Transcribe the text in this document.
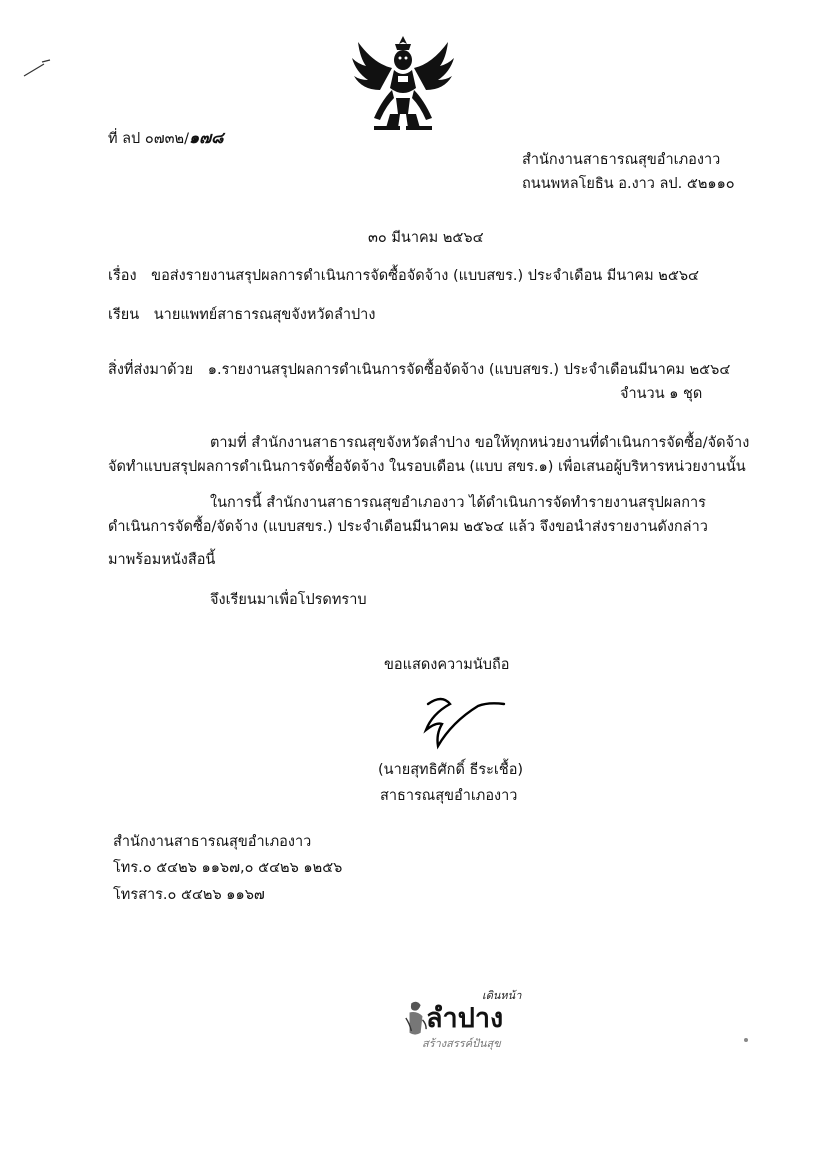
ที่ ลป ๐๗๓๒/๑๗๘
สำนักงานสาธารณสุขอำเภองาว
ถนนพหลโยธิน อ.งาว ลป. ๕๒๑๑๐
๓๐ มีนาคม ๒๕๖๔
เรื่อง ขอส่งรายงานสรุปผลการดำเนินการจัดซื้อจัดจ้าง (แบบสขร.) ประจำเดือน มีนาคม ๒๕๖๔
เรียน นายแพทย์สาธารณสุขจังหวัดลำปาง
สิ่งที่ส่งมาด้วย ๑.รายงานสรุปผลการดำเนินการจัดซื้อจัดจ้าง (แบบสขร.) ประจำเดือนมีนาคม ๒๕๖๔
จำนวน ๑ ชุด
ตามที่ สำนักงานสาธารณสุขจังหวัดลำปาง ขอให้ทุกหน่วยงานที่ดำเนินการจัดซื้อ/จัดจ้าง
จัดทำแบบสรุปผลการดำเนินการจัดซื้อจัดจ้าง ในรอบเดือน (แบบ สขร.๑) เพื่อเสนอผู้บริหารหน่วยงานนั้น
ในการนี้ สำนักงานสาธารณสุขอำเภองาว ได้ดำเนินการจัดทำรายงานสรุปผลการ
ดำเนินการจัดซื้อ/จัดจ้าง (แบบสขร.) ประจำเดือนมีนาคม ๒๕๖๔ แล้ว จึงขอนำส่งรายงานดังกล่าว
มาพร้อมหนังสือนี้
จึงเรียนมาเพื่อโปรดทราบ
ขอแสดงความนับถือ
(นายสุทธิศักดิ์ ธีระเชื้อ)
สาธารณสุขอำเภองาว
สำนักงานสาธารณสุขอำเภองาว
โทร.๐ ๕๔๒๖ ๑๑๖๗,๐ ๕๔๒๖ ๑๒๕๖
โทรสาร.๐ ๕๔๒๖ ๑๑๖๗
เดินหน้า
ลำปาง
สร้างสรรค์ปันสุข
